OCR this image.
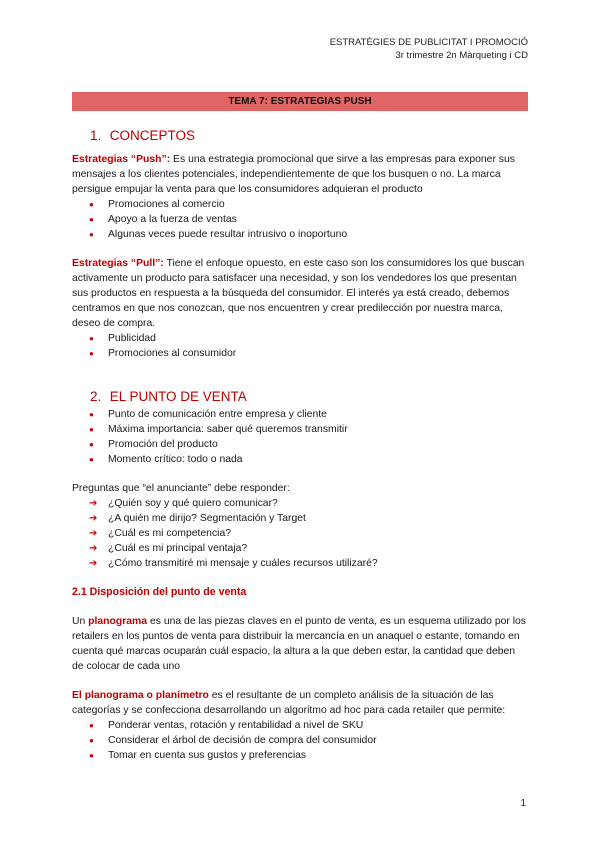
ESTRATÈGIES DE PUBLICITAT I PROMOCIÓ
3r trimestre 2n Màrqueting i CD
TEMA 7: ESTRATEGIAS PUSH
1. CONCEPTOS

Estrategias “Push”: Es una estrategia promocional que sirve a las empresas para exponer sus mensajes a los clientes potenciales, independientemente de que los busquen o no. La marca persigue empujar la venta para que los consumidores adquieran el producto

● Promociones al comercio
● Apoyo a la fuerza de ventas
● Algunas veces puede resultar intrusivo o inoportuno

Estrategias “Pull”: Tiene el enfoque opuesto, en este caso son los consumidores los que buscan activamente un producto para satisfacer una necesidad, y son los vendedores los que presentan sus productos en respuesta a la búsqueda del consumidor. El interés ya está creado, debemos centramos en que nos conozcan, que nos encuentren y crear predilección por nuestra marca, deseo de compra.

● Publicidad
● Promociones al consumidor
2. EL PUNTO DE VENTA
● Punto de comunicación entre empresa y cliente
● Máxima importancia: saber qué queremos transmitir
● Promoción del producto
● Momento crítico: todo o nada

Preguntas que “el anunciante” debe responder:

➔ ¿Quién soy y qué quiero comunicar?
➔ ¿A quién me dirijo? Segmentación y Target
➔ ¿Cuál es mi competencia?
➔ ¿Cuál es mi principal ventaja?
➔ ¿Cómo transmitiré mi mensaje y cuáles recursos utilizaré?
2.1 Disposición del punto de venta

Un planograma es una de las piezas claves en el punto de venta, es un esquema utilizado por los retailers en los puntos de venta para distribuir la mercancía en un anaquel o estante, tomando en cuenta qué marcas ocuparán cuál espacio, la altura a la que deben estar, la cantidad que deben de colocar de cada uno

El planograma o planímetro es el resultante de un completo análisis de la situación de las categorías y se confecciona desarrollando un algoritmo ad hoc para cada retailer que permite:

● Ponderar ventas, rotación y rentabilidad a nivel de SKU
● Considerar el árbol de decisión de compra del consumidor
● Tomar en cuenta sus gustos y preferencias
1
